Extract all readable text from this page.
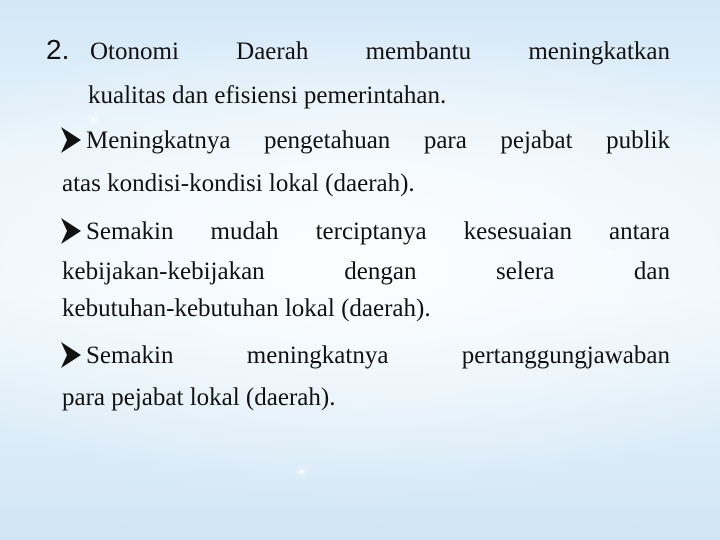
2. Otonomi Daerah membantu meningkatkan
kualitas dan efisiensi pemerintahan.
Meningkatnya pengetahuan para pejabat publik
atas kondisi-kondisi lokal (daerah).
Semakin mudah terciptanya kesesuaian antara
kebijakan-kebijakan	dengan	selera	dan
kebutuhan-kebutuhan lokal (daerah).
Semakin	meningkatnya	pertanggungjawaban
para pejabat lokal (daerah).
